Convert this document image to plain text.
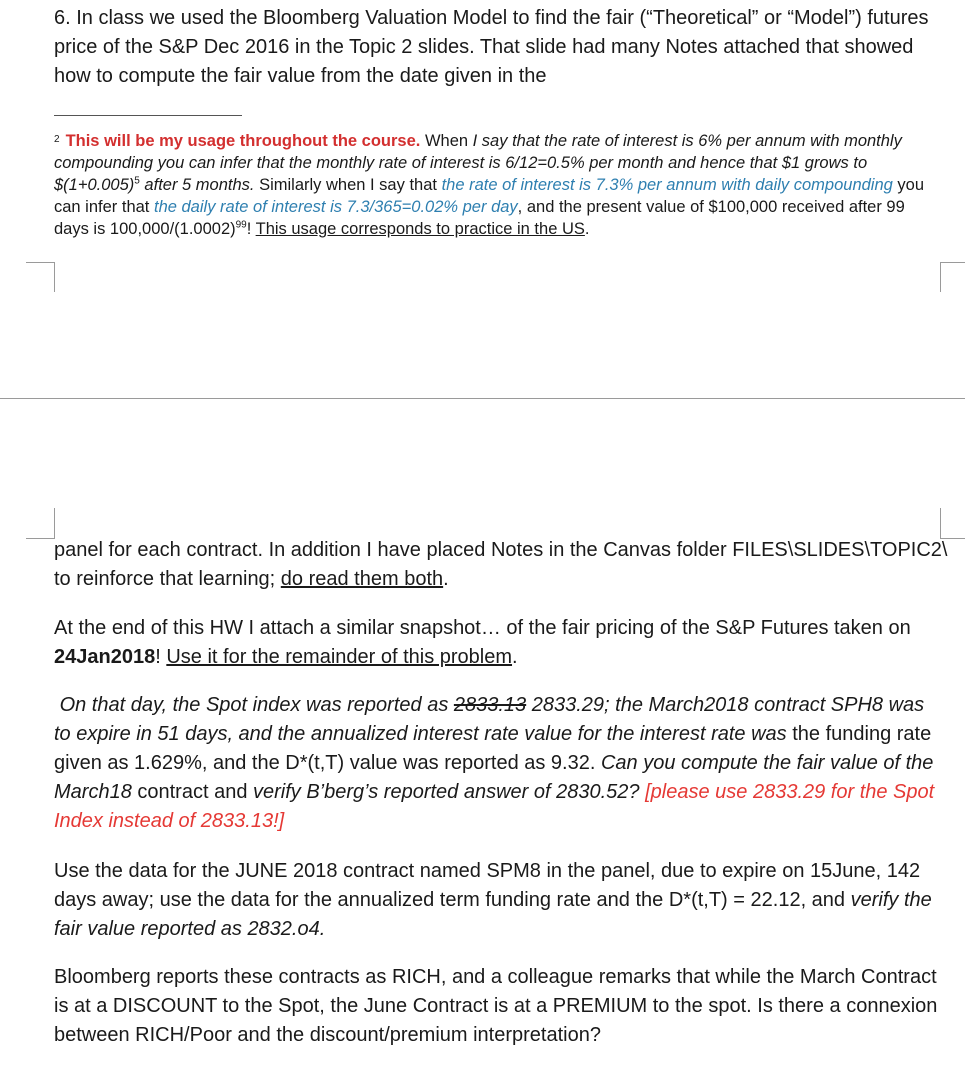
6. In class we used the Bloomberg Valuation Model to find the fair (“Theoretical” or “Model”) futures price of the S&P Dec 2016 in the Topic 2 slides. That slide had many Notes attached that showed how to compute the fair value from the date given in the

$^2$ This will be my usage throughout the course. When I say that the rate of interest is 6% per annum with monthly compounding you can infer that the monthly rate of interest is 6/12=0.5% per month and hence that $1 grows to $\$(1+0.005)^5$ after 5 months. Similarly when I say that the rate of interest is 7.3% per annum with daily compounding you can infer that the daily rate of interest is 7.3/365=0.02% per day, and the present value of $100,000 received after 99 days is $100,000/(1.0002)^{99}$! This usage corresponds to practice in the US.

panel for each contract. In addition I have placed Notes in the Canvas folder FILES\SLIDES\TOPIC2\ to reinforce that learning; do read them both.

At the end of this HW I attach a similar snapshot… of the fair pricing of the S&P Futures taken on 24Jan2018! Use it for the remainder of this problem.

On that day, the Spot index was reported as 2833.13 2833.29; the March2018 contract SPH8 was to expire in 51 days, and the annualized interest rate value for the interest rate was the funding rate given as 1.629%, and the D*(t,T) value was reported as 9.32. Can you compute the fair value of the March18 contract and verify B’berg’s reported answer of 2830.52? [please use 2833.29 for the Spot Index instead of 2833.13!]

Use the data for the JUNE 2018 contract named SPM8 in the panel, due to expire on 15June, 142 days away; use the data for the annualized term funding rate and the D*(t,T) = 22.12, and verify the fair value reported as 2832.o4.

Bloomberg reports these contracts as RICH, and a colleague remarks that while the March Contract is at a DISCOUNT to the Spot, the June Contract is at a PREMIUM to the spot. Is there a connexion between RICH/Poor and the discount/premium interpretation?
